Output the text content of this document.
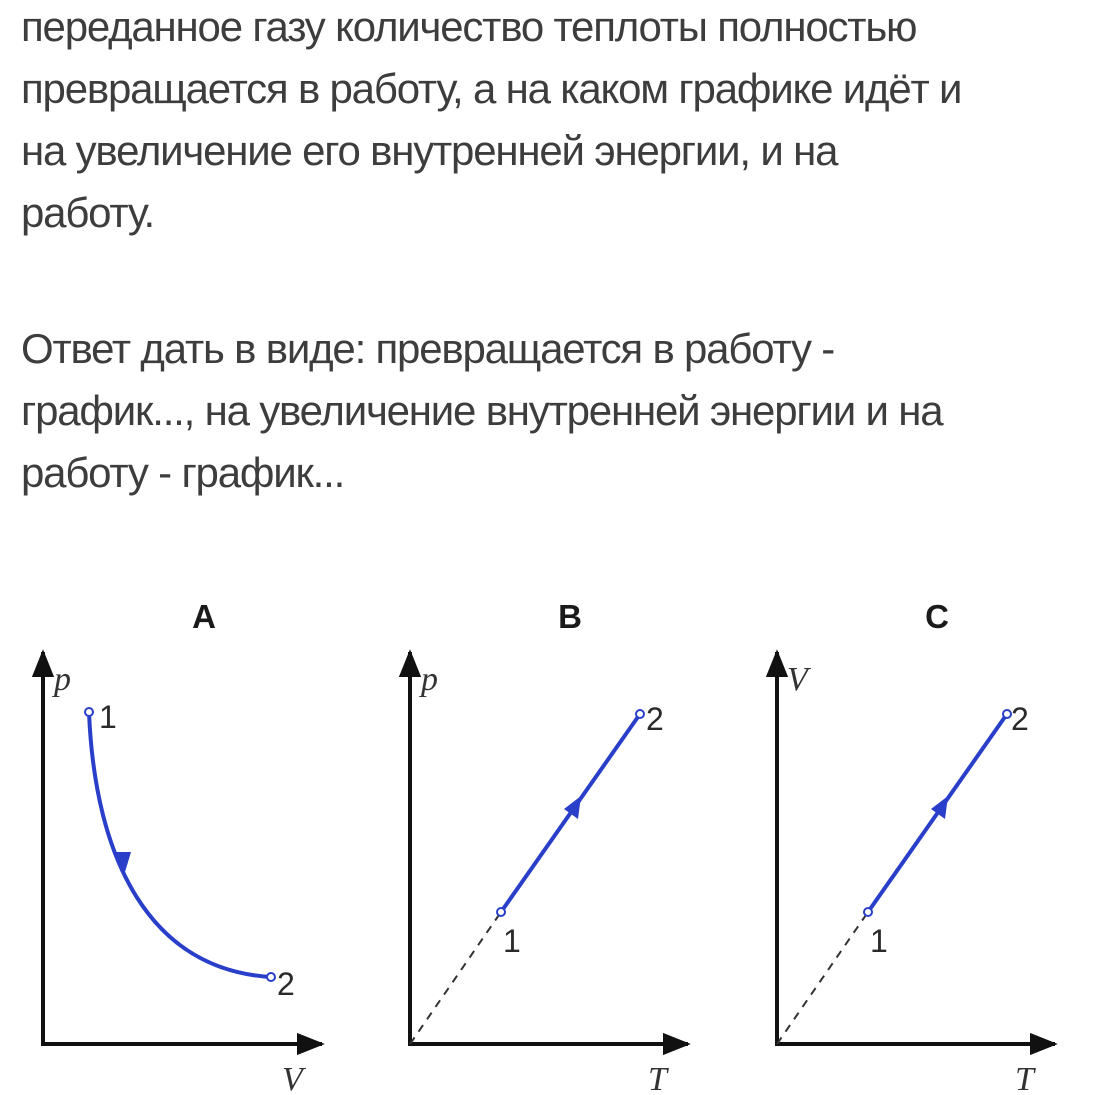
переданное газу количество теплоты полностью
превращается в работу, а на каком графике идёт и
на увеличение его внутренней энергии, и на
работу.
Ответ дать в виде: превращается в работу -
график..., на увеличение внутренней энергии и на
работу - график...
A
p
V
1
2
B
p
T
1
2
C
V
T
1
2
